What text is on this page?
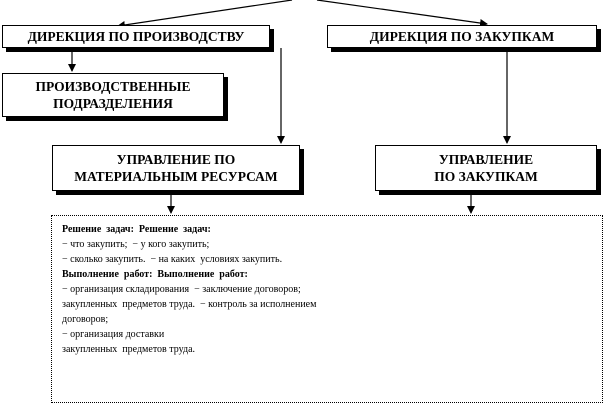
ДИРЕКЦИЯ ПО ПРОИЗВОДСТВУ	ДИРЕКЦИЯ ПО ЗАКУПКАМ
ПРОИЗВОДСТВЕННЫЕ
ПОДРАЗДЕЛЕНИЯ
УПРАВЛЕНИЕ ПО
МАТЕРИАЛЬНЫМ РЕСУРСАМ
УПРАВЛЕНИЕ
ПО ЗАКУПКАМ
Решение  задач:  Решение  задач:
− что закупить;  − у кого закупить;
− сколько закупить.  − на каких  условиях закупить.
Выполнение  работ:  Выполнение  работ:
− организация складирования  − заключение договоров;
закупленных  предметов труда.  − контроль за исполнением
договоров;
− организация доставки
закупленных  предметов труда.
